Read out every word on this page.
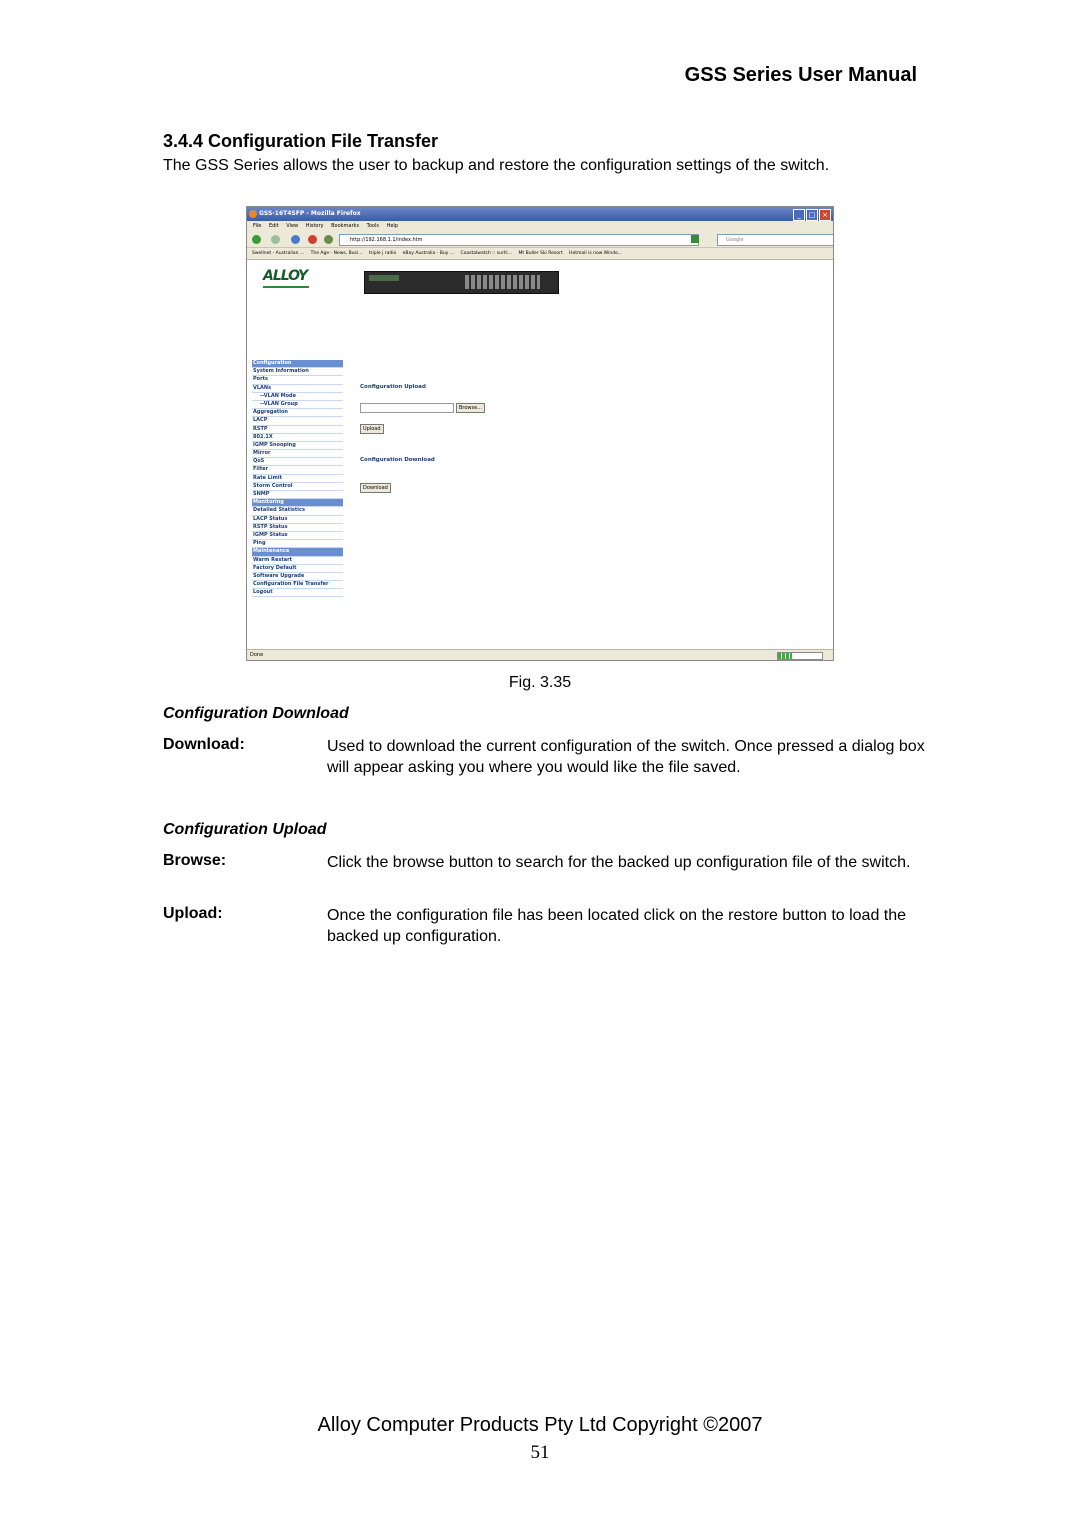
GSS Series User Manual
3.4.4 Configuration File Transfer
The GSS Series allows the user to backup and restore the configuration settings of the switch.
GSS-16T4SFP - Mozilla Firefox	_	□ ×
File Edit View History Bookmarks Tools Help
http://192.168.1.1/index.htm	Google
Swellnet - Australian ... The Age - News, Busi... triple j radio eBay Australia - Buy ... Coastalwatch :: surfc... Mt Buller Ski Resort Hotmail is now Windo...
ALLOY
Configuration
System Information
Ports
VLANs
--VLAN Mode
--VLAN Group
Aggregation
LACP
RSTP
802.1X
IGMP Snooping
Mirror
QoS
Filter
Rate Limit
Storm Control
SNMP
Monitoring
Detailed Statistics
LACP Status
RSTP Status
IGMP Status
Ping
Maintenance
Warm Restart
Factory Default
Software Upgrade
Configuration File Transfer
Logout
Configuration Upload
Browse...
Upload
Configuration Download
Download
Done
Fig. 3.35
Configuration Download
Download:	Used to download the current configuration of the switch. Once pressed a dialog box will appear asking you where you would like the file saved.
Configuration Upload
Browse:	Click the browse button to search for the backed up configuration file of the switch.
Upload:	Once the configuration file has been located click on the restore button to load the backed up configuration.
Alloy Computer Products Pty Ltd Copyright ©2007
51
